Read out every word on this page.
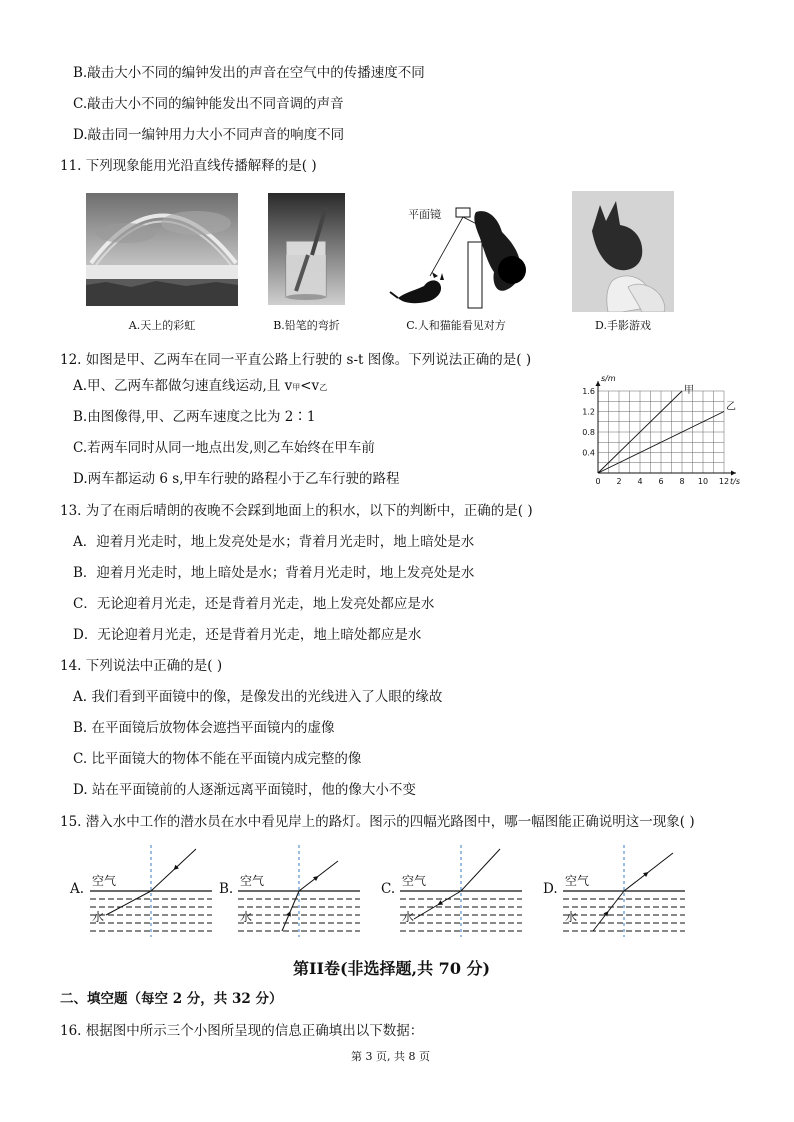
B.敲击大小不同的编钟发出的声音在空气中的传播速度不同
C.敲击大小不同的编钟能发出不同音调的声音
D.敲击同一编钟用力大小不同声音的响度不同
11. 下列现象能用光沿直线传播解释的是( )
A.天上的彩虹	B.铅笔的弯折
平面镜
C.人和猫能看见对方	D.手影游戏
12. 如图是甲、乙两车在同一平直公路上行驶的 s-t 图像。下列说法正确的是( )
A.甲、乙两车都做匀速直线运动,且 v甲<v乙
B.由图像得,甲、乙两车速度之比为 2∶1
C.若两车同时从同一地点出发,则乙车始终在甲车前
D.两车都运动 6 s,甲车行驶的路程小于乙车行驶的路程
甲
乙
0 2 4 6 8 10 12
0.4
0.8
1.2
1.6
t/s
s/m
13. 为了在雨后晴朗的夜晚不会踩到地面上的积水，以下的判断中，正确的是( )
A．迎着月光走时，地上发亮处是水；背着月光走时，地上暗处是水
B．迎着月光走时，地上暗处是水；背着月光走时，地上发亮处是水
C．无论迎着月光走，还是背着月光走，地上发亮处都应是水
D．无论迎着月光走，还是背着月光走，地上暗处都应是水
14. 下列说法中正确的是( )
A. 我们看到平面镜中的像，是像发出的光线进入了人眼的缘故
B. 在平面镜后放物体会遮挡平面镜内的虚像
C. 比平面镜大的物体不能在平面镜内成完整的像
D. 站在平面镜前的人逐渐远离平面镜时，他的像大小不变
15. 潜入水中工作的潜水员在水中看见岸上的路灯。图示的四幅光路图中，哪一幅图能正确说明这一现象( )
A.	B.	C.	D.
空气
水
空气
水
空气
水
空气
水
第II卷(非选择题,共 70 分)
二、填空题（每空 2 分，共 32 分）
16. 根据图中所示三个小图所呈现的信息正确填出以下数据：
第 3 页, 共 8 页
